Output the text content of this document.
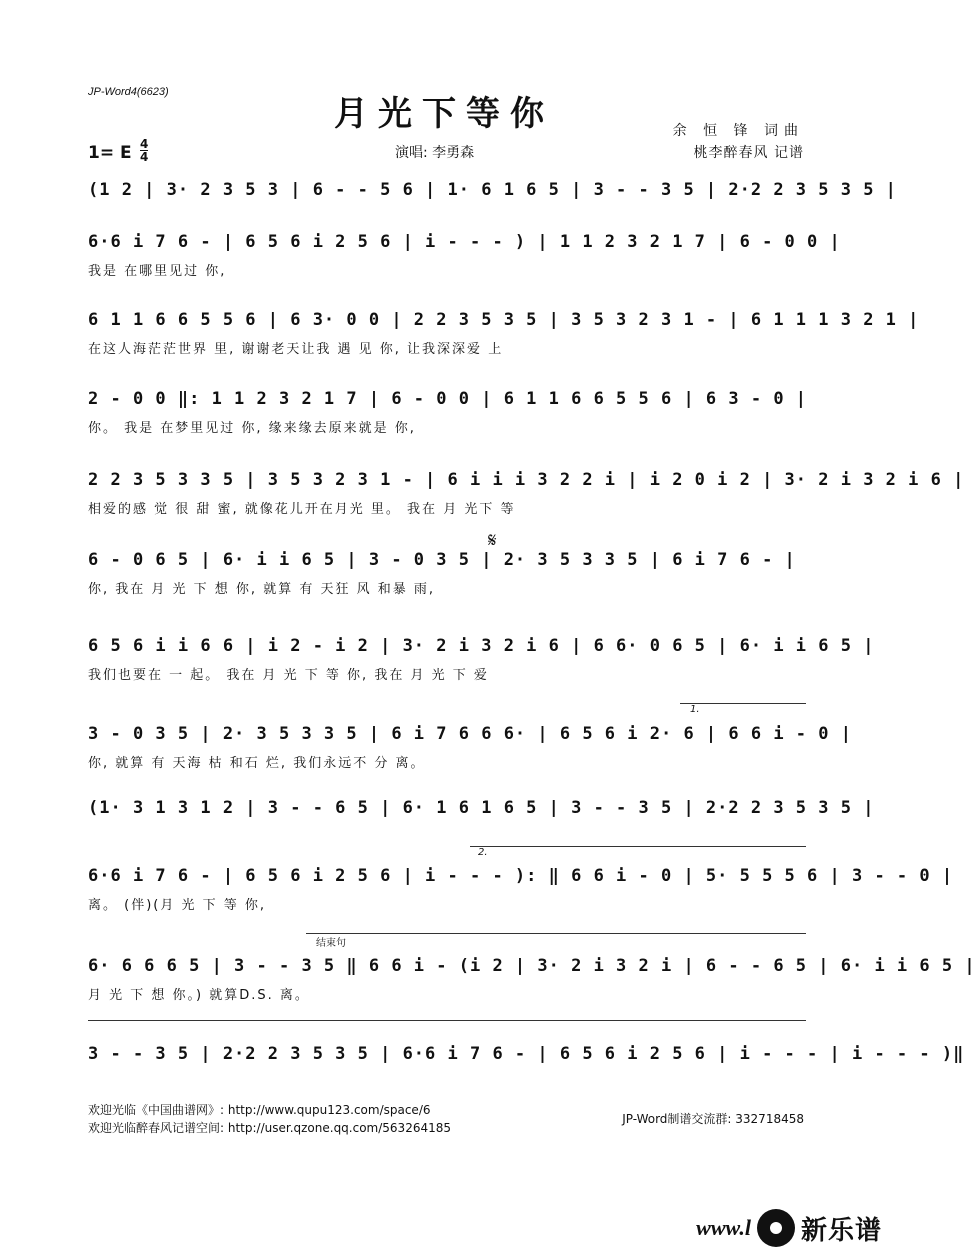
JP-Word4(6623)
月光下等你	余 恒 锋 词曲
演唱: 李勇森	桃李醉春风 记谱
1= E 4
4
(1 2 | 3· 2 3 5 3 | 6 - - 5 6 | 1· 6 1 6 5 | 3 - - 3 5 | 2·2 2 3 5 3 5 |
6·6 i 7 6 - | 6 5 6 i 2 5 6 | i - - - ) | 1 1 2 3 2 1 7 | 6 - 0 0 |
我是 在哪里见过 你,
6 1 1 6 6 5 5 6 | 6 3· 0 0 | 2 2 3 5 3 5 | 3 5 3 2 3 1 - | 6 1 1 1 3 2 1 |
在这人海茫茫世界 里, 谢谢老天让我 遇 见 你, 让我深深爱 上
2 - 0 0 ‖: 1 1 2 3 2 1 7 | 6 - 0 0 | 6 1 1 6 6 5 5 6 | 6 3 - 0 |
你。 我是 在梦里见过 你, 缘来缘去原来就是 你,
2 2 3 5 3 3 5 | 3 5 3 2 3 1 - | 6 i i i 3 2 2 i | i 2 0 i 2 | 3· 2 i 3 2 i 6 |
相爱的感 觉 很 甜 蜜, 就像花儿开在月光 里。 我在 月 光下 等
6 - 0 6 5 | 6· i i 6 5 | 3 - 0 3 5 | 2· 3 5 3 3 5 | 6 i 7 6 - |
你, 我在 月 光 下 想 你, 就算 有 天狂 风 和暴 雨,
6 5 6 i i 6 6 | i 2 - i 2 | 3· 2 i 3 2 i 6 | 6 6· 0 6 5 | 6· i i 6 5 |
我们也要在 一 起。 我在 月 光 下 等 你, 我在 月 光 下 爱
3 - 0 3 5 | 2· 3 5 3 3 5 | 6 i 7 6 6 6· | 6 5 6 i 2· 6 | 6 6 i - 0 |
你, 就算 有 天海 枯 和石 烂, 我们永远不 分 离。
(1· 3 1 3 1 2 | 3 - - 6 5 | 6· 1 6 1 6 5 | 3 - - 3 5 | 2·2 2 3 5 3 5 |
6·6 i 7 6 - | 6 5 6 i 2 5 6 | i - - - ): ‖ 6 6 i - 0 | 5· 5 5 5 6 | 3 - - 0 |
离。 (伴)(月 光 下 等 你,
6· 6 6 6 5 | 3 - - 3 5 ‖ 6 6 i - (i 2 | 3· 2 i 3 2 i | 6 - - 6 5 | 6· i i 6 5 |
月 光 下 想 你。) 就算D.S. 离。
3 - - 3 5 | 2·2 2 3 5 3 5 | 6·6 i 7 6 - | 6 5 6 i 2 5 6 | i - - - | i - - - )‖
1.
2.
结束句
𝄋
欢迎光临《中国曲谱网》: http://www.qupu123.com/space/6
欢迎光临醉春风记谱空间: http://user.qzone.qq.com/563264185
JP-Word制谱交流群: 332718458
www.l 新乐谱
